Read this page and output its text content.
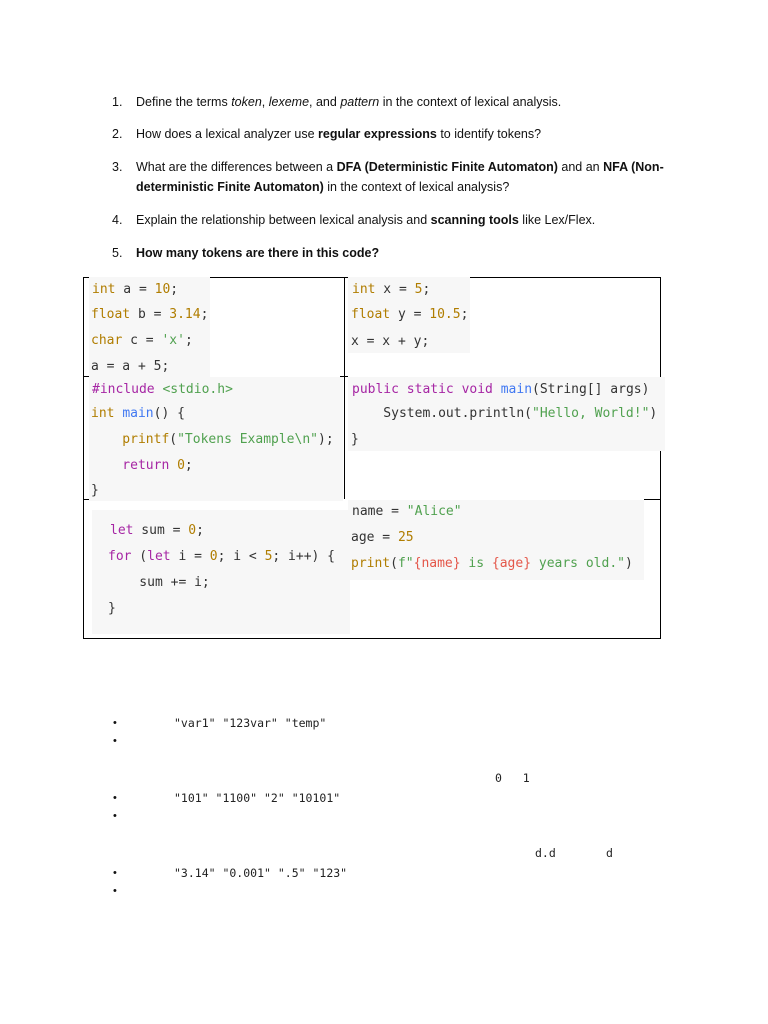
1.	Define the terms token, lexeme, and pattern in the context of lexical analysis.
2.	How does a lexical analyzer use regular expressions to identify tokens?
3.	What are the differences between a DFA (Deterministic Finite Automaton) and an NFA (Non-
deterministic Finite Automaton) in the context of lexical analysis?
4.	Explain the relationship between lexical analysis and scanning tools like Lex/Flex.
5.	How many tokens are there in this code?

int a = 10;

float b = 3.14;

char c = 'x';

a = a + 5;

int x = 5;

float y = 10.5;

x = x + y;

#include <stdio.h>

int main() {

printf("Tokens Example\n");

return 0;

}

public static void main(String[] args)

System.out.println("Hello, World!")

}

let sum = 0;

for (let i = 0; i < 5; i++) {

sum += i;

}

name = "Alice"

age = 25

print(f"{name} is {age} years old.")

•	"var1" "123var" "temp"
•
0   1
•	"101" "1100" "2" "10101"
•
d.d	d
•	"3.14" "0.001" ".5" "123"
•
